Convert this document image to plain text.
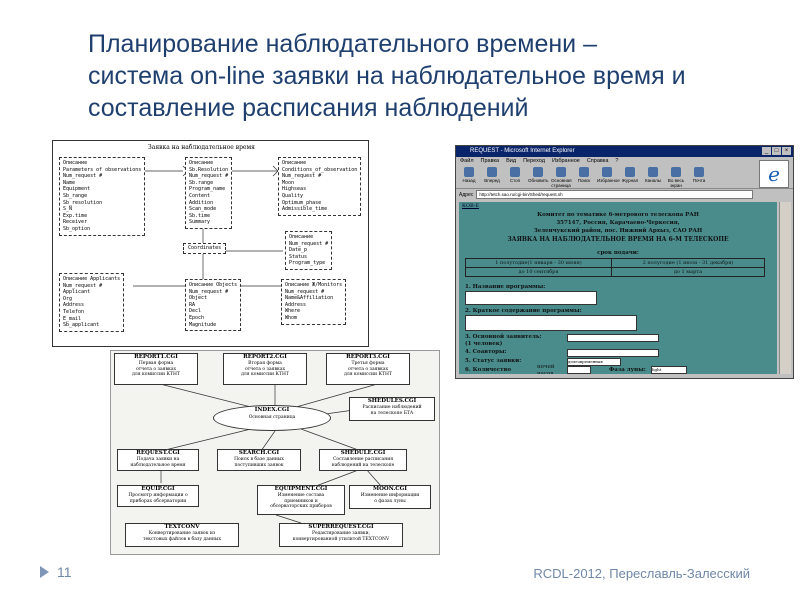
Планирование наблюдательного времени –
система on-line заявки на наблюдательное время и
составление расписания наблюдений
Заявка на наблюдательное время
Описание
Parameters of observations
Num_request #
Name
Equipment
Sb_range
Sb_resolution
S_N
Exp.time
Receiver
Sb_option
Описание
Sb.Resolution
Num_request #
Sb.range
Program_name
Content
Addition
Scan_mode
Sb.time
Summary
Описание
Conditions_of_observation
Num_request #
Moon
Highseas
Quality
Optimum_phase
Admissible_time
Описание
Num_request #
Date_p
Status
Program_type
Coordinates
Описание Applicants
Num_request #
Applicant
Org
Address
Telefon
E_mail
Sb_applicant
Описание Objects
Num_request #
Object
RA
Decl
Epoch
Magnitude
Описание Ж/Monitors
Num_request #
Name&Affiliation
Address
Where
Whom
REPORT1.CGI
Первая форма
отчета о заявках
для комиссии КТНТ
REPORT2.CGI
Вторая форма
отчета о заявках
для комиссии КТНТ
REPORT3.CGI
Третья форма
отчета о заявках
для комиссии КТНТ
SHEDULES.CGI
Расписание наблюдений
на телескопе БТА
INDEX.CGI
Основная страница
REQUEST.CGI
Подача заявки на
наблюдательное время
SEARCH.CGI
Поиск в базе данных
поступивших заявок
SHEDULE.CGI
Составление расписания
наблюдений на телескопе
EQUIP.CGI
Просмотр информации о
приборах обсерватории
EQUIPMENT.CGI
Изменение состава
приемников и
обсерваторских приборов
MOON.CGI
Изменение информации
о фазах луны
TEXTCONV
Конвертирование заявок из
текстовых файлов в базу данных
SUPERREQUEST.CGI
Редактирование заявки,
конвертированной утилитой TEXTCONV
REQUEST - Microsoft Internet Explorer	_	□	×
Файл Правка Вид Переход Избранное Справка ?
Назад	Вперед	Стоп	Обновить Основная страница
Поиск	Избранное Журнал	Каналы	Во весь экран
Почта	e
Адрес	http://tetch.sao.ru/cgi-bin/Shed/request.sh
КОВ-Е
Комитет по тематике 6-метрового телескопа РАН
357147, Россия, Карачаево-Черкесия,
Зеленчукский район, пос. Нижний Архыз, САО РАН
ЗАЯВКА НА НАБЛЮДАТЕЛЬНОЕ ВРЕМЯ НА 6-М ТЕЛЕСКОПЕ
срок подачи:
1 полугодие(1 января - 30 июня)	2 полугодие (1 июля - 31 декабря)
до 10 сентября	до 1 марта
1. Название программы:
2. Краткое содержание программы:
3. Основной заявитель:
(1 человек)
4. Соавторы:
5. Статус заявки:	долговременная
6. Количество	ночей
часов
Фаза луны: light
11	RCDL-2012, Переславль-Залесский
